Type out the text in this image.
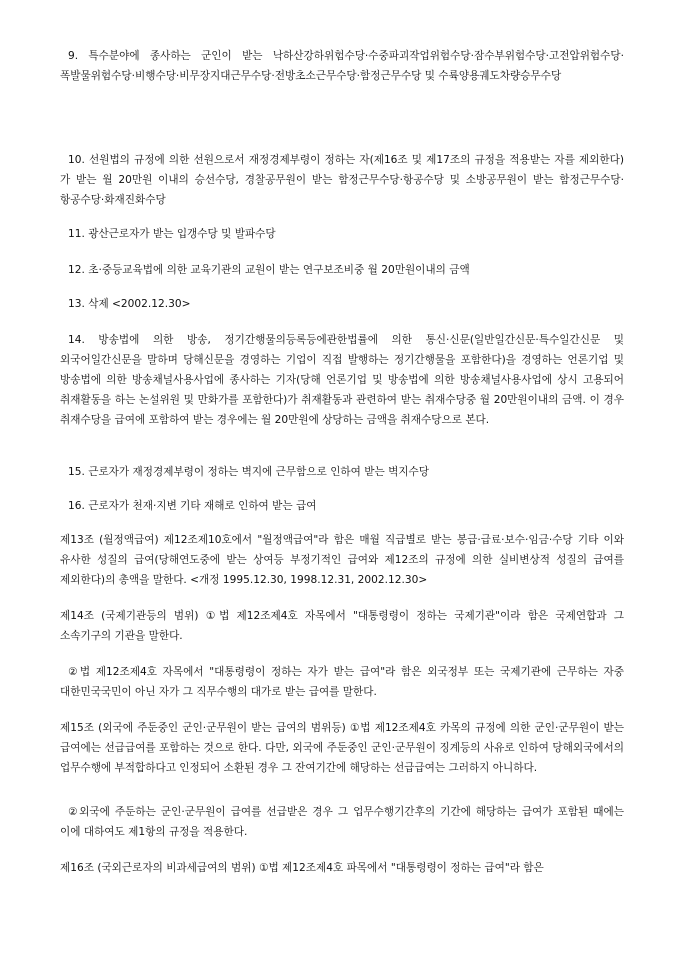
9. 특수분야에 종사하는 군인이 받는 낙하산강하위험수당·수중파괴작업위험수당·잠수부위험수당·고전압위험수당·폭발물위험수당·비행수당·비무장지대근무수당·전방초소근무수당·함정근무수당 및 수륙양용궤도차량승무수당

10. 선원법의 규정에 의한 선원으로서 재정경제부령이 정하는 자(제16조 및 제17조의 규정을 적용받는 자를 제외한다)가 받는 월 20만원 이내의 승선수당, 경찰공무원이 받는 함정근무수당·항공수당 및 소방공무원이 받는 함정근무수당·항공수당·화재진화수당

11. 광산근로자가 받는 입갱수당 및 발파수당

12. 초·중등교육법에 의한 교육기관의 교원이 받는 연구보조비중 월 20만원이내의 금액

13. 삭제 <2002.12.30>

14. 방송법에 의한 방송, 정기간행물의등록등에관한법률에 의한 통신·신문(일반일간신문·특수일간신문 및 외국어일간신문을 말하며 당해신문을 경영하는 기업이 직접 발행하는 정기간행물을 포함한다)을 경영하는 언론기업 및 방송법에 의한 방송채널사용사업에 종사하는 기자(당해 언론기업 및 방송법에 의한 방송채널사용사업에 상시 고용되어 취재활동을 하는 논설위원 및 만화가를 포함한다)가 취재활동과 관련하여 받는 취재수당중 월 20만원이내의 금액. 이 경우 취재수당을 급여에 포함하여 받는 경우에는 월 20만원에 상당하는 금액을 취재수당으로 본다.

15. 근로자가 재정경제부령이 정하는 벽지에 근무함으로 인하여 받는 벽지수당

16. 근로자가 천재·지변 기타 재해로 인하여 받는 급여

제13조 (월정액급여) 제12조제10호에서 "월정액급여"라 함은 매월 직급별로 받는 봉급·급료·보수·임금·수당 기타 이와 유사한 성질의 급여(당해연도중에 받는 상여등 부정기적인 급여와 제12조의 규정에 의한 실비변상적 성질의 급여를 제외한다)의 총액을 말한다. <개정 1995.12.30, 1998.12.31, 2002.12.30>

제14조 (국제기관등의 범위) ①법 제12조제4호 자목에서 "대통령령이 정하는 국제기관"이라 함은 국제연합과 그 소속기구의 기관을 말한다.

②법 제12조제4호 자목에서 "대통령령이 정하는 자가 받는 급여"라 함은 외국정부 또는 국제기관에 근무하는 자중 대한민국국민이 아닌 자가 그 직무수행의 대가로 받는 급여를 말한다.

제15조 (외국에 주둔중인 군인·군무원이 받는 급여의 범위등) ①법 제12조제4호 카목의 규정에 의한 군인·군무원이 받는 급여에는 선급급여를 포함하는 것으로 한다. 다만, 외국에 주둔중인 군인·군무원이 징계등의 사유로 인하여 당해외국에서의 업무수행에 부적합하다고 인정되어 소환된 경우 그 잔여기간에 해당하는 선급급여는 그러하지 아니하다.

②외국에 주둔하는 군인·군무원이 급여를 선급받은 경우 그 업무수행기간후의 기간에 해당하는 급여가 포함된 때에는 이에 대하여도 제1항의 규정을 적용한다.

제16조 (국외근로자의 비과세급여의 범위) ①법 제12조제4호 파목에서 "대통령령이 정하는 급여"라 함은
